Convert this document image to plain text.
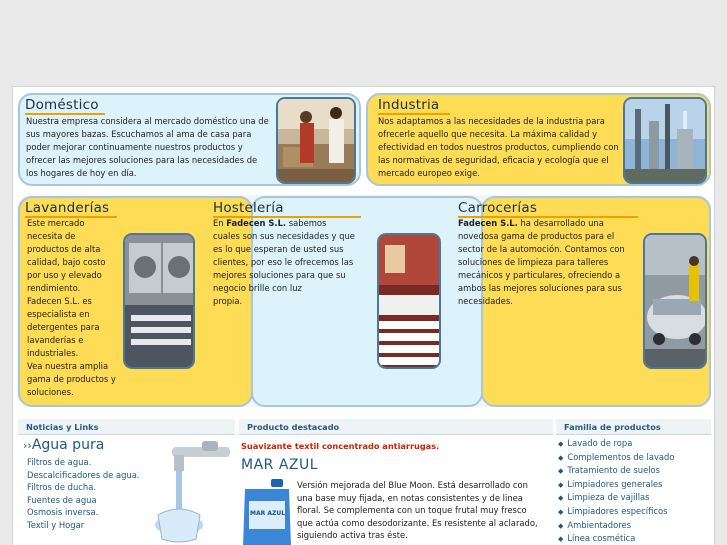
Doméstico
Nuestra empresa considera al mercado doméstico una de sus mayores bazas. Escuchamos al ama de casa para poder mejorar continuamente nuestros productos y ofrecer las mejores soluciones para las necesidades de los hogares de hoy en día.
Industria
Nos adaptamos a las necesidades de la industria para ofrecerle aquello que necesita. La máxima calidad y efectividad en todos nuestros productos, cumpliendo con las normativas de seguridad, eficacia y ecología que el mercado europeo exige.
Lavanderías
Este mercado
necesita de
productos de alta
calidad, bajo costo
por uso y elevado
rendimiento.
Fadecen S.L. es
especialista en
detergentes para
lavanderías e
industriales.
Vea nuestra amplia
gama de productos y
soluciones.
Hostelería
En Fadecen S.L. sabemos
cuales son sus necesidades y que
es lo que esperan de usted sus
clientes, por eso le ofrecemos las
mejores soluciones para que su
negocio brille con luz
propia.
Carrocerías
Fadecen S.L. ha desarrollado una
novedosa gama de productos para el
sector de la automoción. Contamos con
soluciones de limpieza para talleres
mecánicos y particulares, ofreciendo a
ambos las mejores soluciones para sus
necesidades.
Noticias y Links	Producto destacado	Familia de productos
››Agua pura
Filtros de agua.
Descalcificadores de agua.
Filtros de ducha.
Fuentes de agua
Osmosis inversa.
Textil y Hogar
Suavizante textil concentrado antiarrugas.
MAR AZUL
MAR AZUL
Versión mejorada del Blue Moon. Está desarrollado con
una base muy fijada, en notas consistentes y de linea
floral. Se complementa con un toque frutal muy fresco
que actúa como desodorizante. Es resistente al aclarado,
siguiendo activa tras éste.
◆ Lavado de ropa
◆ Complementos de lavado
◆ Tratamiento de suelos
◆ Limpiadores generales
◆ Limpieza de vajillas
◆ Limpiadores específicos
◆ Ambientadores
◆ Línea cosmética
